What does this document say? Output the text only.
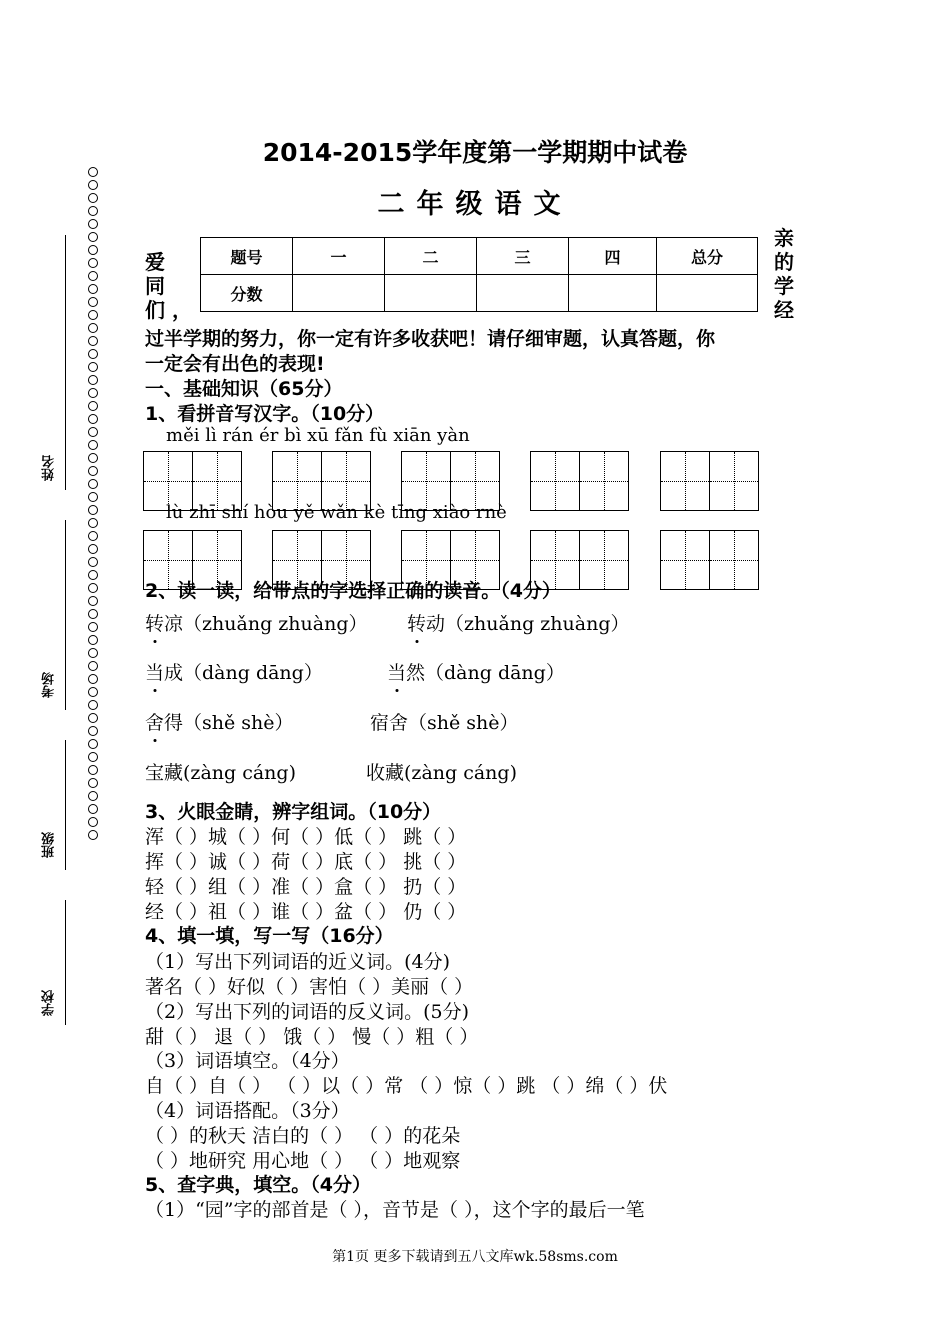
2014-2015学年度第一学期期中试卷
二年级语文
姓名
考场
班级
学校
爱
同
们 ，
亲
的
学
经
题号	一	二	三	四	总分
分数					
过半学期的努力，你一定有许多收获吧！请仔细审题，认真答题，你
一定会有出色的表现!
一、基础知识（65分）
1、看拼音写汉字。（10分）
měi lì rán ér bì xū fǎn fù xiān yàn
lù zhī shí hòu yě wǎn kè tīng xiào rnè
2、读一读，给带点的字选择正确的读音。（4分）
转凉（zhuǎng zhuàng） 转动（zhuǎng zhuàng）
当成（dàng dāng）	当然（dàng dāng）
舍得（shě shè）	宿舍（shě shè）
宝藏(zàng cáng)	收藏(zàng cáng)
3、火眼金睛，辨字组词。（10分）
浑（ ）城（ ）何（ ）低（ ） 跳（ ）
挥（ ）诚（ ）荷（ ）底（ ） 挑（ ）
轻（ ）组（ ）准（ ）盒（ ） 扔（ ）
经（ ）祖（ ）谁（ ）盆（ ） 仍（ ）
4、填一填，写一写（16分）
（1）写出下列词语的近义词。(4分)
著名（ ）好似（ ）害怕（ ）美丽（ ）
（2）写出下列的词语的反义词。(5分)
甜（ ） 退（ ） 饿（ ） 慢（ ）粗（ ）
（3）词语填空。（4分）
自（ ）自（ ） （ ）以（ ）常 （ ）惊（ ）跳 （ ）绵（ ）伏
（4）词语搭配。（3分）
（ ）的秋天 洁白的（ ） （ ）的花朵
（ ）地研究 用心地（ ） （ ）地观察
5、查字典，填空。（4分）
（1）“园”字的部首是（ ），音节是（ ），这个字的最后一笔
第1页 更多下载请到五八文库wk.58sms.com
